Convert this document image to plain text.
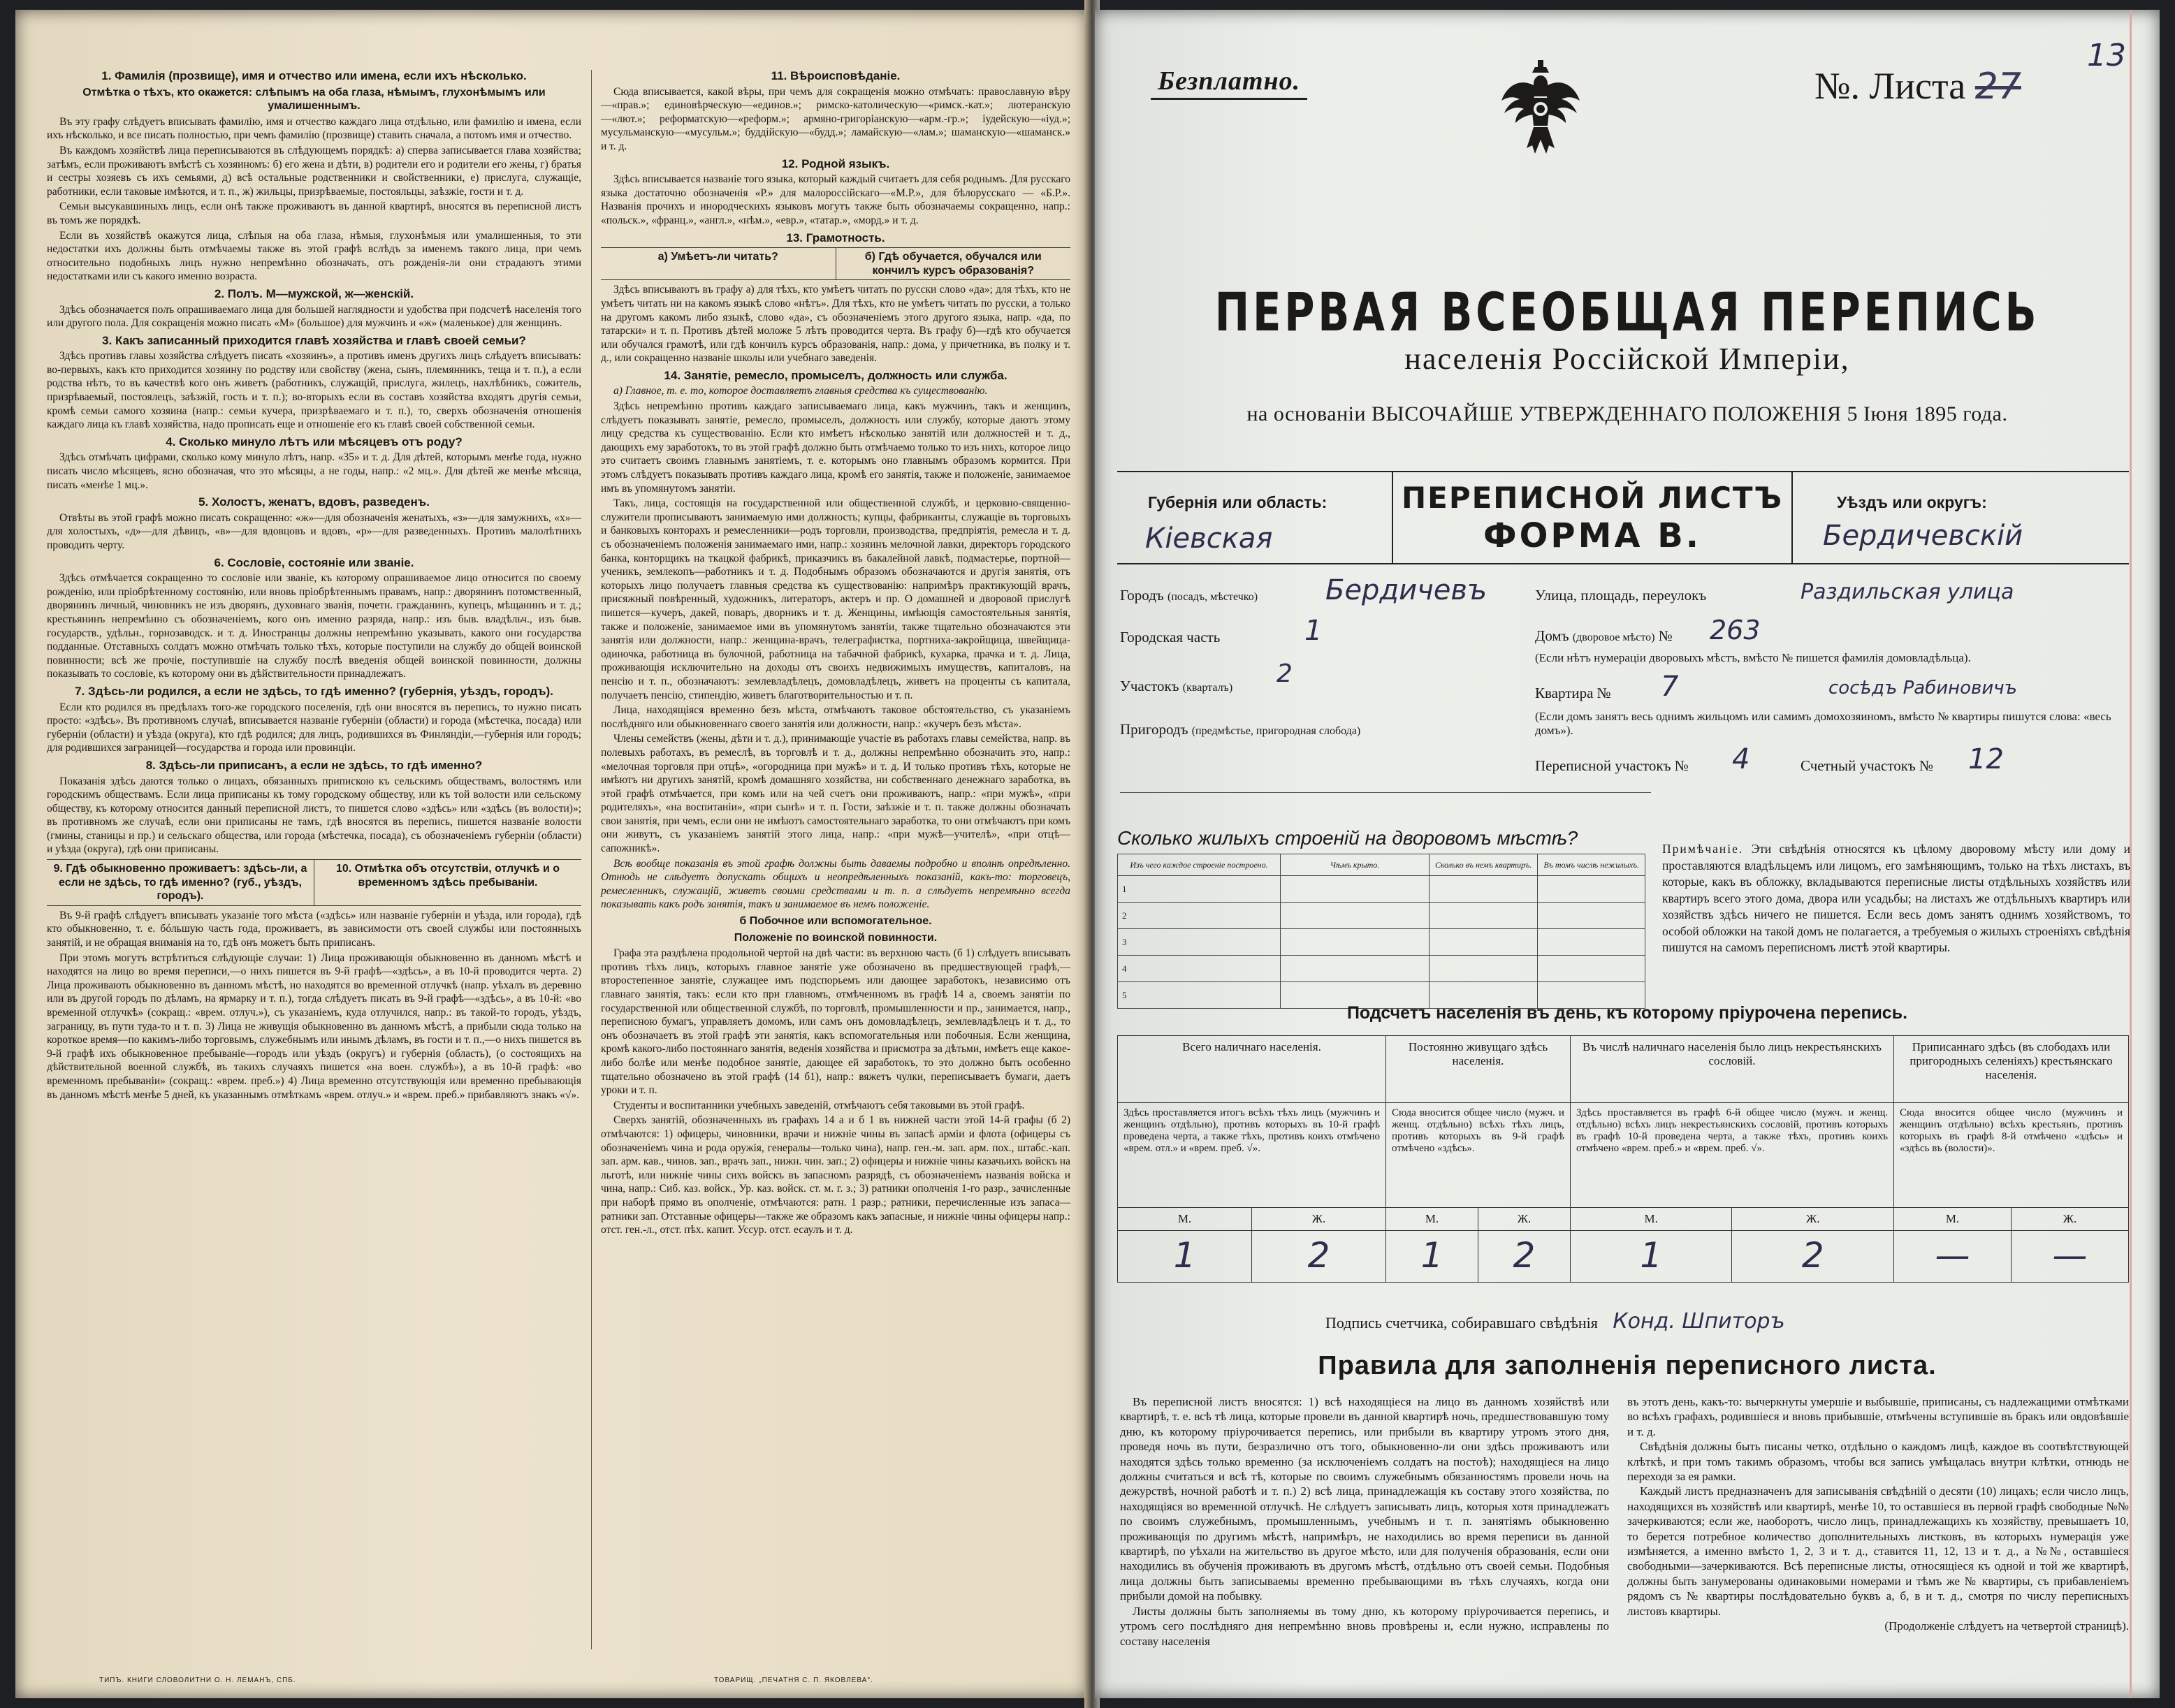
1. Фамилія (прозвище), имя и отчество или имена, если ихъ нѣсколько.
Отмѣтка о тѣхъ, кто окажется: слѣпымъ на оба глаза, нѣмымъ, глухонѣмымъ или умалишеннымъ.

Въ эту графу слѣдуетъ вписывать фамилію, имя и отчество каждаго лица отдѣльно, или фамилію и имена, если ихъ нѣсколько, и все писать полностью, при чемъ фамилію (прозвище) ставить сначала, а потомъ имя и отчество.

Въ каждомъ хозяйствѣ лица переписываются въ слѣдующемъ порядкѣ: а) сперва записывается глава хозяйства; затѣмъ, если проживаютъ вмѣстѣ съ хозяиномъ: б) его жена и дѣти, в) родители его и родители его жены, г) братья и сестры хозяевъ съ ихъ семьями, д) всѣ остальные родственники и свойственники, е) прислуга, служащіе, работники, если таковые имѣются, и т. п., ж) жильцы, призрѣваемые, постояльцы, заѣзжіе, гости и т. д.

Семьи высукавшиныхъ лицъ, если онѣ также проживаютъ въ данной квартирѣ, вносятся въ переписной листъ въ томъ же порядкѣ.

Если въ хозяйствѣ окажутся лица, слѣпыя на оба глаза, нѣмыя, глухонѣмыя или умалишенныя, то эти недостатки ихъ должны быть отмѣчаемы также въ этой графѣ вслѣдъ за именемъ такого лица, при чемъ относительно подобныхъ лицъ нужно непремѣнно обозначать, отъ рожденія-ли они страдаютъ этими недостатками или съ какого именно возраста.

2. Полъ. М—мужской, ж—женскій.

Здѣсь обозначается полъ опрашиваемаго лица для большей наглядности и удобства при подсчетѣ населенія того или другого пола. Для сокращенія можно писать «М» (большое) для мужчинъ и «ж» (маленькое) для женщинъ.

3. Какъ записанный приходится главѣ хозяйства и главѣ своей семьи?

Здѣсь противъ главы хозяйства слѣдуетъ писать «хозяинъ», а противъ именъ другихъ лицъ слѣдуетъ вписывать: во-первыхъ, какъ кто приходится хозяину по родству или свойству (жена, сынъ, племянникъ, теща и т. п.), а если родства нѣтъ, то въ качествѣ кого онъ живетъ (работникъ, служащій, прислуга, жилецъ, нахлѣбникъ, сожитель, призрѣваемый, постоялецъ, заѣзжій, гость и т. п.); во-вторыхъ если въ составъ хозяйства входятъ другія семьи, кромѣ семьи самого хозяина (напр.: семьи кучера, призрѣваемаго и т. п.), то, сверхъ обозначенія отношенія каждаго лица къ главѣ хозяйства, надо прописать еще и отношеніе его къ главѣ своей собственной семьи.

4. Сколько минуло лѣтъ или мѣсяцевъ отъ роду?

Здѣсь отмѣчать цифрами, сколько кому минуло лѣтъ, напр. «35» и т. д. Для дѣтей, которымъ менѣе года, нужно писать число мѣсяцевъ, ясно обозначая, что это мѣсяцы, а не годы, напр.: «2 мц.». Для дѣтей же менѣе мѣсяца, писать «менѣе 1 мц.».

5. Холостъ, женатъ, вдовъ, разведенъ.

Отвѣты въ этой графѣ можно писать сокращенно: «ж»—для обозначенія женатыхъ, «з»—для замужнихъ, «х»—для холостыхъ, «д»—для дѣвицъ, «в»—для вдовцовъ и вдовъ, «р»—для разведенныхъ. Противъ малолѣтнихъ проводить черту.

6. Сословіе, состояніе или званіе.

Здѣсь отмѣчается сокращенно то сословіе или званіе, къ которому опрашиваемое лицо относится по своему рожденію, или пріобрѣтенному состоянію, или вновь пріобрѣтеннымъ правамъ, напр.: дворянинъ потомственный, дворянинъ личный, чиновникъ не изъ дворянъ, духовнаго званія, почетн. гражданинъ, купецъ, мѣщанинъ и т. д.; крестьянинъ непремѣнно съ обозначеніемъ, кого онъ именно разряда, напр.: изъ быв. владѣльч., изъ быв. государств., удѣльн., горнозаводск. и т. д. Иностранцы должны непремѣнно указывать, какого они государства подданные. Отставныхъ солдатъ можно отмѣчать только тѣхъ, которые поступили на службу до общей воинской повинности; всѣ же прочіе, поступившіе на службу послѣ введенія общей воинской повинности, должны показывать то сословіе, къ которому они въ дѣйствительности принадлежатъ.

7. Здѣсь-ли родился, а если не здѣсь, то гдѣ именно? (губернія, уѣздъ, городъ).

Если кто родился въ предѣлахъ того-же городского поселенія, гдѣ они вносятся въ перепись, то нужно писать просто: «здѣсь». Въ противномъ случаѣ, вписывается названіе губерніи (области) и города (мѣстечка, посада) или губерніи (области) и уѣзда (округа), кто гдѣ родился; для лицъ, родившихся въ Финляндіи,—губернія или городъ; для родившихся заграницей—государства и города или провинціи.

8. Здѣсь-ли приписанъ, а если не здѣсь, то гдѣ именно?

Показанія здѣсь даются только о лицахъ, обязанныхъ припискою къ сельскимъ обществамъ, волостямъ или городскимъ обществамъ. Если лица приписаны къ тому городскому обществу, или къ той волости или сельскому обществу, къ которому относится данный переписной листъ, то пишется слово «здѣсь» или «здѣсь (въ волости)»; въ противномъ же случаѣ, если они приписаны не тамъ, гдѣ вносятся въ перепись, пишется названіе волости (гмины, станицы и пр.) и сельскаго общества, или города (мѣстечка, посада), съ обозначеніемъ губерніи (области) и уѣзда (округа), гдѣ они приписаны.

9. Гдѣ обыкновенно проживаетъ: здѣсь-ли, а если не здѣсь, то гдѣ именно? (губ., уѣздъ, городъ).
10. Отмѣтка объ отсутствіи, отлучкѣ и о временномъ здѣсь пребываніи.

Въ 9-й графѣ слѣдуетъ вписывать указаніе того мѣста («здѣсь» или названіе губерніи и уѣзда, или города), гдѣ кто обыкновенно, т. е. бóльшую часть года, проживаетъ, въ зависимости отъ своей службы или постоянныхъ занятій, и не обращая вниманія на то, гдѣ онъ можетъ быть приписанъ.

При этомъ могутъ встрѣтиться слѣдующіе случаи: 1) Лица проживающія обыкновенно въ данномъ мѣстѣ и находятся на лицо во время переписи,—о нихъ пишется въ 9-й графѣ—«здѣсь», а въ 10-й проводится черта. 2) Лица проживають обыкновенно въ данномъ мѣстѣ, но находятся во временной отлучкѣ (напр. уѣхалъ въ деревню или въ другой городъ по дѣламъ, на ярмарку и т. п.), тогда слѣдуетъ писать въ 9-й графѣ—«здѣсь», а въ 10-й: «во временной отлучкѣ» (сокращ.: «врем. отлуч.»), съ указаніемъ, куда отлучился, напр.: въ такой-то городъ, уѣздъ, заграницу, въ пути туда-то и т. п. 3) Лица не живущія обыкновенно въ данномъ мѣстѣ, а прибыли сюда только на короткое время—по какимъ-либо торговымъ, служебнымъ или инымъ дѣламъ, въ гости и т. п.,—о нихъ пишется въ 9-й графѣ ихъ обыкновенное пребываніе—городъ или уѣздъ (округъ) и губернія (область), (о состоящихъ на дѣйствительной военной службѣ, въ такихъ случаяхъ пишется «на воен. службѣ»), а въ 10-й графѣ: «во временномъ пребываніи» (сокращ.: «врем. преб.») 4) Лица временно отсутствующія или временно пребывающія въ данномъ мѣстѣ менѣе 5 дней, къ указаннымъ отмѣткамъ «врем. отлуч.» и «врем. преб.» прибавляютъ знакъ «√».

11. Вѣроисповѣданіе.

Сюда вписывается, какой вѣры, при чемъ для сокращенія можно отмѣчать: православную вѣру—«прав.»; единовѣрческую—«единов.»; римско-католическую—«римск.-кат.»; лютеранскую—«лют.»; реформатскую—«реформ.»; армяно-григоріанскую—«арм.-гр.»; іудейскую—«іуд.»; мусульманскую—«мусульм.»; буддійскую—«будд.»; ламайскую—«лам.»; шаманскую—«шаманск.» и т. д.

12. Родной языкъ.

Здѣсь вписывается названіе того языка, который каждый считаетъ для себя роднымъ. Для русскаго языка достаточно обозначенія «Р.» для малороссійскаго—«М.Р.», для бѣлорусскаго — «Б.Р.». Названія прочихъ и инородческихъ языковъ могутъ также быть обозначаемы сокращенно, напр.: «польск.», «франц.», «англ.», «нѣм.», «евр.», «татар.», «морд.» и т. д.

13. Грамотность.
а) Умѣетъ-ли читать?	б) Гдѣ обучается, обучался или кончилъ курсъ образованія?

Здѣсь вписываютъ въ графу а) для тѣхъ, кто умѣетъ читать по русски слово «да»; для тѣхъ, кто не умѣетъ читать ни на какомъ языкѣ слово «нѣтъ». Для тѣхъ, кто не умѣетъ читать по русски, а только на другомъ какомъ либо языкѣ, слово «да», съ обозначеніемъ этого другого языка, напр. «да, по татарски» и т. п. Противъ дѣтей моложе 5 лѣтъ проводится черта. Въ графу б)—гдѣ кто обучается или обучался грамотѣ, или гдѣ кончилъ курсъ образованія, напр.: дома, у причетника, въ полку и т. д., или сокращенно названіе школы или учебнаго заведенія.

14. Занятіе, ремесло, промыселъ, должность или служба.

а) Главное, т. е. то, которое доставляетъ главныя средства къ существованію.

Здѣсь непремѣнно противъ каждаго записываемаго лица, какъ мужчинъ, такъ и женщинъ, слѣдуетъ показывать занятіе, ремесло, промыселъ, должность или службу, которые даютъ этому лицу средства къ существованію. Если кто имѣетъ нѣсколько занятій или должностей и т. д., дающихъ ему заработокъ, то въ этой графѣ должно быть отмѣчаемо только то изъ нихъ, которое лицо это считаетъ своимъ главнымъ занятіемъ, т. е. которымъ оно главнымъ образомъ кормится. При этомъ слѣдуетъ показывать противъ каждаго лица, кромѣ его занятія, также и положеніе, занимаемое имъ въ упомянутомъ занятіи.

Такъ, лица, состоящія на государственной или общественной службѣ, и церковно-священно-служители прописываютъ занимаемую ими должность; купцы, фабриканты, служащіе въ торговыхъ и банковыхъ конторахъ и ремесленники—родъ торговли, производства, предпріятія, ремесла и т. д. съ обозначеніемъ положенія занимаемаго ими, напр.: хозяинъ мелочной лавки, директоръ городского банка, конторщикъ на ткацкой фабрикѣ, приказчикъ въ бакалейной лавкѣ, подмастерье, портной—ученикъ, землекопъ—работникъ и т. д. Подобнымъ образомъ обозначаются и другія занятія, отъ которыхъ лицо получаетъ главныя средства къ существованію: напримѣръ практикующій врачъ, присяжный повѣренный, художникъ, литераторъ, актеръ и пр. О домашней и дворовой прислугѣ пишется—кучеръ, дакей, поваръ, дворникъ и т. д. Женщины, имѣющія самостоятельныя занятія, также и положеніе, занимаемое ими въ упомянутомъ занятіи, также тщательно обозначаются эти занятія или должности, напр.: женщина-врачъ, телеграфистка, портниха-закройщица, швейщица-одиночка, работница въ булочной, работница на табачной фабрикѣ, кухарка, прачка и т. д. Лица, проживающія исключительно на доходы отъ своихъ недвижимыхъ имуществъ, капиталовъ, на пенсію и т. п., обозначаютъ: землевладѣлецъ, домовладѣлецъ, живетъ на проценты съ капитала, получаетъ пенсію, стипендію, живетъ благотворительностью и т. п.

Лица, находящіяся временно безъ мѣста, отмѣчаютъ таковое обстоятельство, съ указаніемъ послѣдняго или обыкновеннаго своего занятія или должности, напр.: «кучеръ безъ мѣста».

Члены семействъ (жены, дѣти и т. д.), принимающіе участіе въ работахъ главы семейства, напр. въ полевыхъ работахъ, въ ремеслѣ, въ торговлѣ и т. д., должны непремѣнно обозначить это, напр.: «мелочная торговля при отцѣ», «огородница при мужѣ» и т. д. И только противъ тѣхъ, которые не имѣютъ ни другихъ занятій, кромѣ домашняго хозяйства, ни собственнаго денежнаго заработка, въ этой графѣ отмѣчается, при комъ или на чей счетъ они проживаютъ, напр.: «при мужѣ», «при родителяхъ», «на воспитаніи», «при сынѣ» и т. п. Гости, заѣзжіе и т. п. также должны обозначать свои занятія, при чемъ, если они не имѣютъ самостоятельнаго заработка, то они отмѣчаютъ при комъ они живутъ, съ указаніемъ занятій этого лица, напр.: «при мужѣ—учителѣ», «при отцѣ—сапожникѣ».

Всѣ вообще показанія въ этой графѣ должны быть даваемы подробно и вполнѣ опредѣленно. Отнюдь не слѣдуетъ допускать общихъ и неопредѣленныхъ показаній, какъ-то: торговецъ, ремесленникъ, служащій, живетъ своими средствами и т. п. а слѣдуетъ непремѣнно всегда показывать какъ родъ занятія, такъ и занимаемое въ немъ положеніе.

б Побочное или вспомогательное.
Положеніе по воинской повинности.

Графа эта раздѣлена продольной чертой на двѣ части: въ верхнюю часть (б 1) слѣдуетъ вписывать противъ тѣхъ лицъ, которыхъ главное занятіе уже обозначено въ предшествующей графѣ,—второстепенное занятіе, служащее имъ подспорьемъ или дающее заработокъ, независимо отъ главнаго занятія, такъ: если кто при главномъ, отмѣченномъ въ графѣ 14 а, своемъ занятіи по государственной или общественной службѣ, по торговлѣ, промышленности и пр., занимается, напр., переписною бумагъ, управляетъ домомъ, или самъ онъ домовладѣлецъ, землевладѣлецъ и т. д., то онъ обозначаетъ въ этой графѣ эти занятія, какъ вспомогательныя или побочныя. Если женщина, кромѣ какого-либо постояннаго занятія, веденія хозяйства и присмотра за дѣтьми, имѣетъ еще какое-либо болѣе или менѣе подобное занятіе, дающее ей заработокъ, то это должно быть особенно тщательно обозначено въ этой графѣ (14 б1), напр.: вяжетъ чулки, переписываетъ бумаги, даетъ уроки и т. п.

Студенты и воспитанники учебныхъ заведеній, отмѣчаютъ себя таковыми въ этой графѣ.

Сверхъ занятій, обозначенныхъ въ графахъ 14 а и б 1 въ нижней части этой 14-й графы (б 2) отмѣчаются: 1) офицеры, чиновники, врачи и нижніе чины въ запасѣ арміи и флота (офицеры съ обозначеніемъ чина и рода оружія, генералы—только чина), напр. ген.-м. зап. арм. пох., штабс.-кап. зап. арм. кав., чинов. зап., врачъ зап., нижн. чин. зап.; 2) офицеры и нижніе чины казачьихъ войскъ на льготѣ, или нижніе чины сихъ войскъ въ запасномъ разрядѣ, съ обозначеніемъ названія войска и чина, напр.: Сиб. каз. войск., Ур. каз. войск. ст. м. г. з.; 3) ратники ополченія 1-го разр., зачисленные при наборѣ прямо въ ополченіе, отмѣчаются: ратн. 1 разр.; ратники, перечисленные изъ запаса—ратники зап. Отставные офицеры—также же образомъ какъ запасные, и нижніе чины офицеры напр.: отст. ген.-л., отст. пѣх. капит. Уссур. отст. есаулъ и т. д.

ТИПЪ. КНИГИ СЛОВОЛИТНИ О. Н. ЛЕМАНЪ, СПБ.	ТОВАРИЩ. „ПЕЧАТНЯ С. П. ЯКОВЛЕВА".
Безплатно.	№. Листа 27
13
ПЕРВАЯ ВСЕОБЩАЯ ПЕРЕПИСЬ
населенія Россійской Имперіи,
на основаніи ВЫСОЧАЙШЕ УТВЕРЖДЕННАГО ПОЛОЖЕНІЯ 5 Іюня 1895 года.
Губернія или область:
Кіевская
ПЕРЕПИСНОЙ ЛИСТЪ
ФОРМА В.
Уѣздъ или округъ:
Бердичевскій
Городъ (посадъ, мѣстечко) Бердичевъ
Городская часть	1
Участокъ (кварталъ) 2
Пригородъ (предмѣстье, пригородная слобода)
Улица, площадь, переулокъ	Раздильская улица
Домъ (дворовое мѣсто) № 263
(Если нѣтъ нумераціи дворовыхъ мѣстъ, вмѣсто № пишется фамилія домовладѣльца).
Квартира № 7	сосѣдъ Рабиновичъ
(Если домъ занятъ весь однимъ жильцомъ или самимъ домохозяиномъ, вмѣсто № квартиры пишутся слова: «весь домъ»).
Переписной участокъ № 4	Счетный участокъ № 12
Сколько жилыхъ строеній на дворовомъ мѣстѣ?
Изъ чего каждое строеніе построено.	Чѣмъ крыто.	Сколько въ немъ квартиръ.	Въ томъ числѣ нежилыхъ.
1			
2			
3			
4			
5			
Примѣчаніе. Эти свѣдѣнія относятся къ цѣлому дворовому мѣсту или дому и проставляются владѣльцемъ или лицомъ, его замѣняющимъ, только на тѣхъ листахъ, въ которые, какъ въ обложку, вкладываются переписные листы отдѣльныхъ хозяйствъ или квартиръ всего этого дома, двора или усадьбы; на листахъ же отдѣльныхъ квартиръ или хозяйствъ здѣсь ничего не пишется. Если весь домъ занятъ однимъ хозяйствомъ, то особой обложки на такой домъ не полагается, а требуемыя о жилыхъ строеніяхъ свѣдѣнія пишутся на самомъ переписномъ листѣ этой квартиры.
Подсчетъ населенія въ день, къ которому пріурочена перепись.
Всего наличнаго населенія.		Постоянно живущаго здѣсь населенія.		Въ числѣ наличнаго населенія было лицъ некрестьянскихъ сословій.		Приписаннаго здѣсь (въ слободахъ или пригородныхъ селеніяхъ) крестьянскаго населенія.	
Здѣсь проставляется итогъ всѣхъ тѣхъ лицъ (мужчинъ и женщинъ отдѣльно), противъ которыхъ въ 10-й графѣ проведена черта, а также тѣхъ, противъ коихъ отмѣчено «врем. отл.» и «врем. преб. √».		Сюда вносится общее число (мужч. и женщ. отдѣльно) всѣхъ тѣхъ лицъ, противъ которыхъ въ 9-й графѣ отмѣчено «здѣсь».		Здѣсь проставляется въ графѣ 6-й общее число (мужч. и женщ. отдѣльно) всѣхъ лицъ некрестьянскихъ сословій, противъ которыхъ въ графѣ 10-й проведена черта, а также тѣхъ, противъ коихъ отмѣчено «врем. преб.» и «врем. преб. √».		Сюда вносится общее число (мужчинъ и женщинъ отдѣльно) всѣхъ крестьянъ, противъ которыхъ въ графѣ 8-й отмѣчено «здѣсь» и «здѣсь въ (волости)».	
М.	Ж.	М.	Ж.	М.	Ж.	М.	Ж.
1	2	1	2	1	2	—	—
Подпись счетчика, собиравшаго свѣдѣнія Конд. Шпиторъ
Правила для заполненія переписного листа.

Въ переписной листъ вносятся: 1) всѣ находящіеся на лицо въ данномъ хозяйствѣ или квартирѣ, т. е. всѣ тѣ лица, которые провели въ данной квартирѣ ночь, предшествовавшую тому дню, къ которому пріурочивается перепись, или прибыли въ квартиру утромъ этого дня, проведя ночь въ пути, безразлично отъ того, обыкновенно-ли они здѣсь проживаютъ или находятся здѣсь только временно (за исключеніемъ солдатъ на постоѣ); находящіеся на лицо должны считаться и всѣ тѣ, которые по своимъ служебнымъ обязанностямъ провели ночь на дежурствѣ, ночной работѣ и т. п.) 2) всѣ лица, принадлежащія къ составу этого хозяйства, по находящіяся во временной отлучкѣ. Не слѣдуетъ записывать лицъ, которыя хотя принадлежатъ по своимъ служебнымъ, промышленнымъ, учебнымъ и т. п. занятіямъ обыкновенно проживающія по другимъ мѣстѣ, напримѣръ, не находились во время переписи въ данной квартирѣ, по уѣхали на жительство въ другое мѣсто, или для полученія образованія, если они находились въ обученія проживають въ другомъ мѣстѣ, отдѣльно отъ своей семьи. Подобныя лица должны быть записываемы временно пребывающими въ тѣхъ случаяхъ, когда они прибыли домой на побывку.

Листы должны быть заполняемы въ тому дню, къ которому пріурочивается перепись, и утромъ сего послѣдняго дня непремѣнно вновь провѣрены и, если нужно, исправлены по составу населенія

въ этотъ день, какъ-то: вычеркнуты умершіе и выбывшіе, приписаны, съ надлежащими отмѣтками во всѣхъ графахъ, родившіеся и вновь прибывшіе, отмѣчены вступившіе въ бракъ или овдовѣвшіе и т. д.

Свѣдѣнія должны быть писаны четко, отдѣльно о каждомъ лицѣ, каждое въ соотвѣтствующей клѣткѣ, и при томъ такимъ образомъ, чтобы вся запись умѣщалась внутри клѣтки, отнюдь не переходя за ея рамки.

Каждый листъ предназначенъ для записыванія свѣдѣній о десяти (10) лицахъ; если число лицъ, находящихся въ хозяйствѣ или квартирѣ, менѣе 10, то оставшіеся въ первой графѣ свободные №№ зачеркиваются; если же, наоборотъ, число лицъ, принадлежащихъ къ хозяйству, превышаетъ 10, то берется потребное количество дополнительныхъ листковъ, въ которыхъ нумерація уже измѣняется, а именно вмѣсто 1, 2, 3 и т. д., ставится 11, 12, 13 и т. д., а №№, оставшіеся свободными—зачеркиваются. Всѣ переписные листы, относящіеся къ одной и той же квартирѣ, должны быть занумерованы одинаковыми номерами и тѣмъ же № квартиры, съ прибавленіемъ рядомъ съ № квартиры послѣдовательно буквъ а, б, в и т. д., смотря по числу переписныхъ листовъ квартиры.

(Продолженіе слѣдуетъ на четвертой страницѣ).
